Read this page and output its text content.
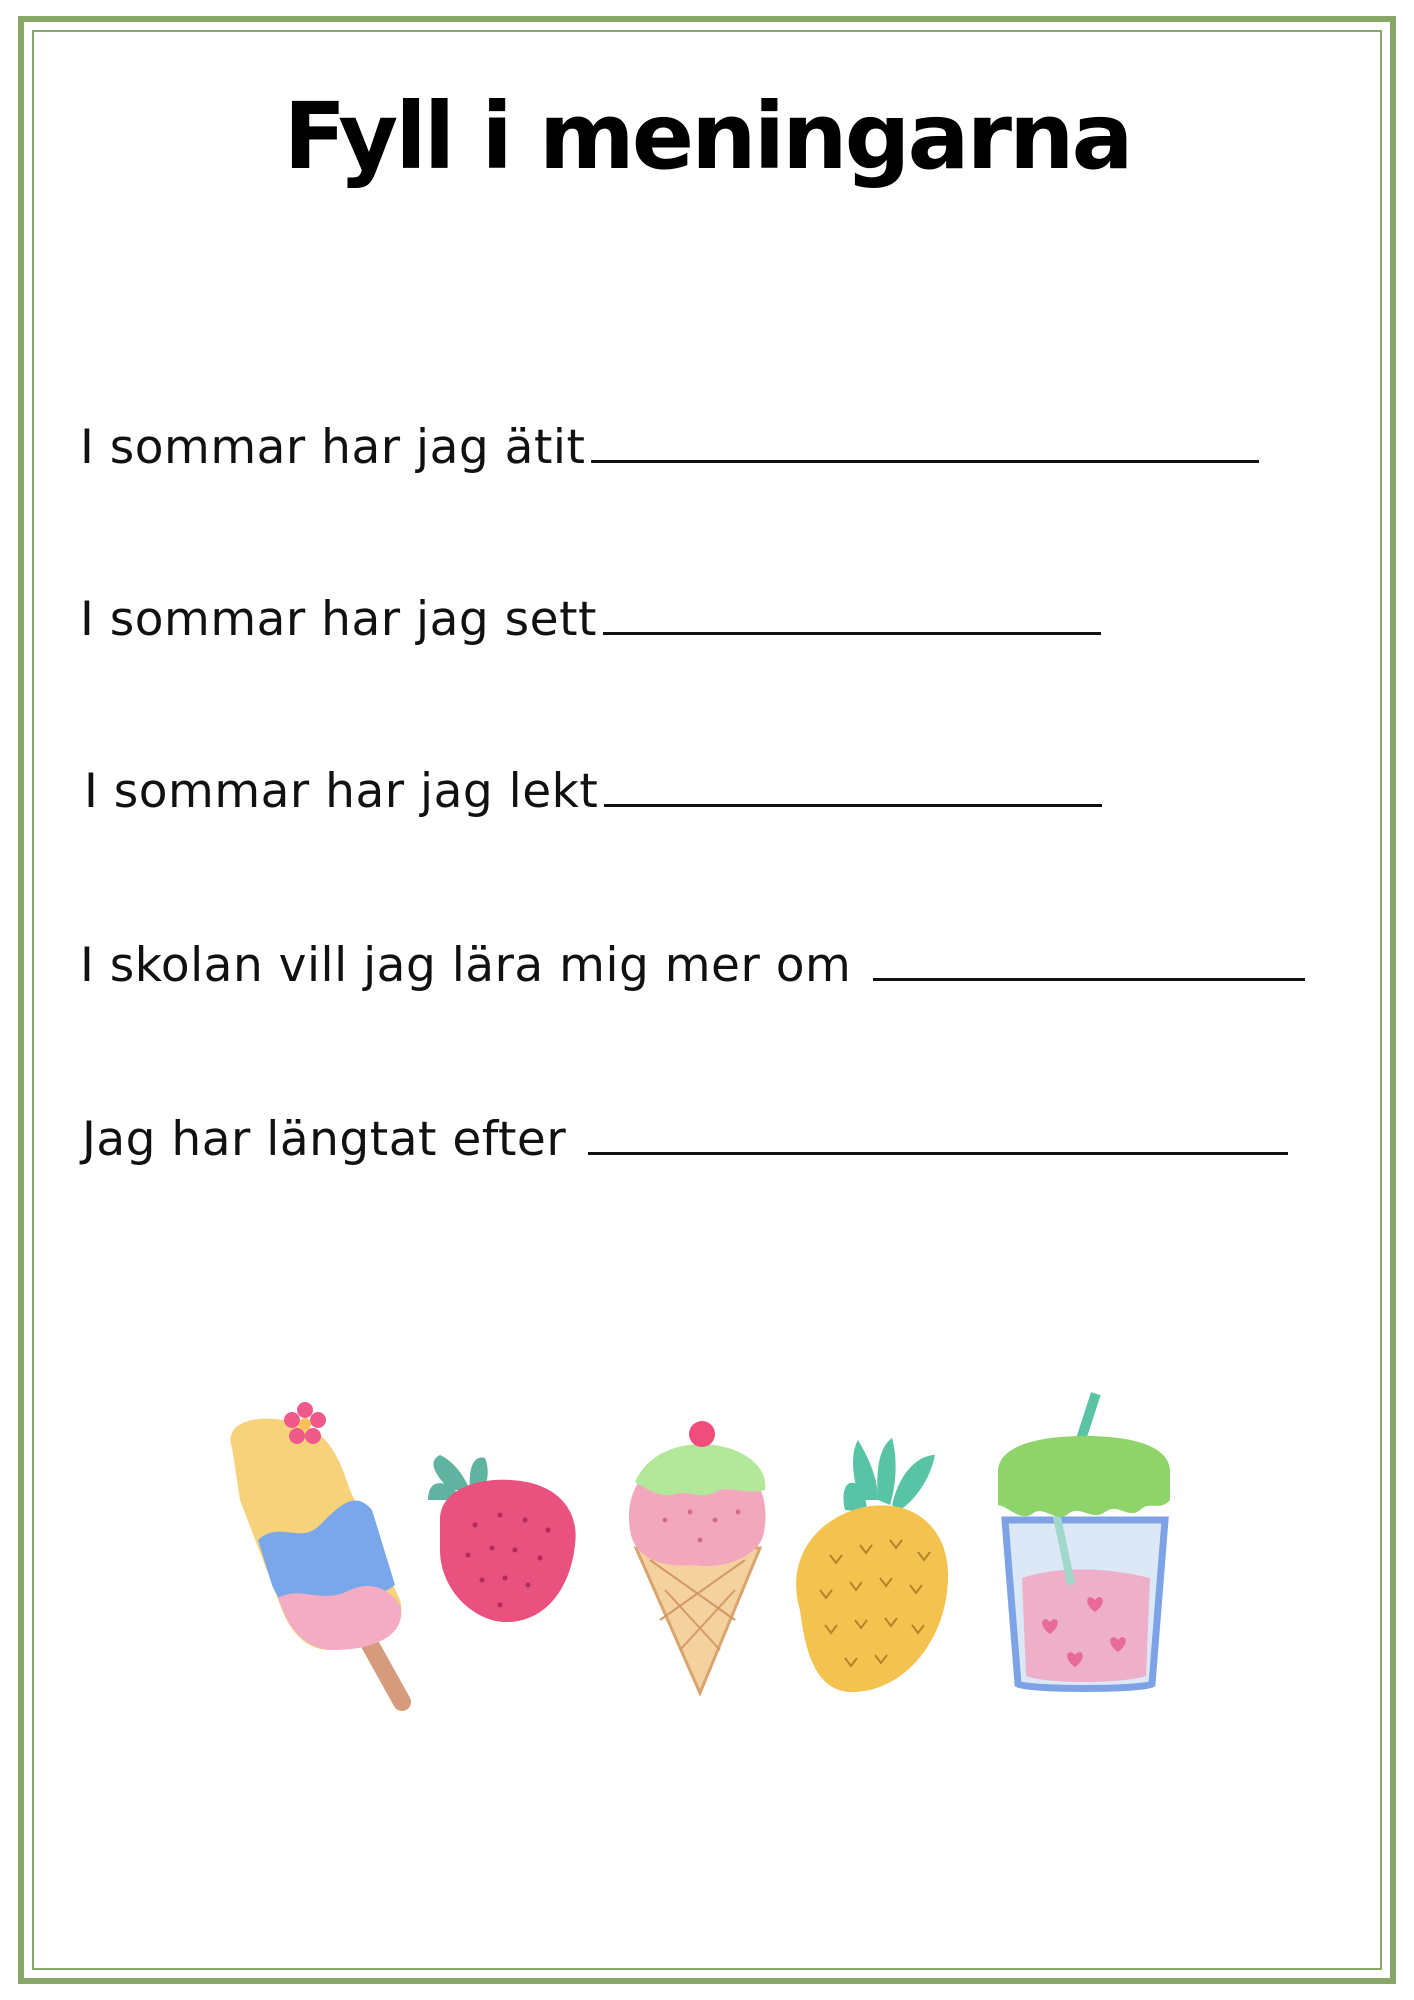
Fyll i meningarna
I sommar har jag ätit
I sommar har jag sett
I sommar har jag lekt
I skolan vill jag lära mig mer om
Jag har längtat efter
